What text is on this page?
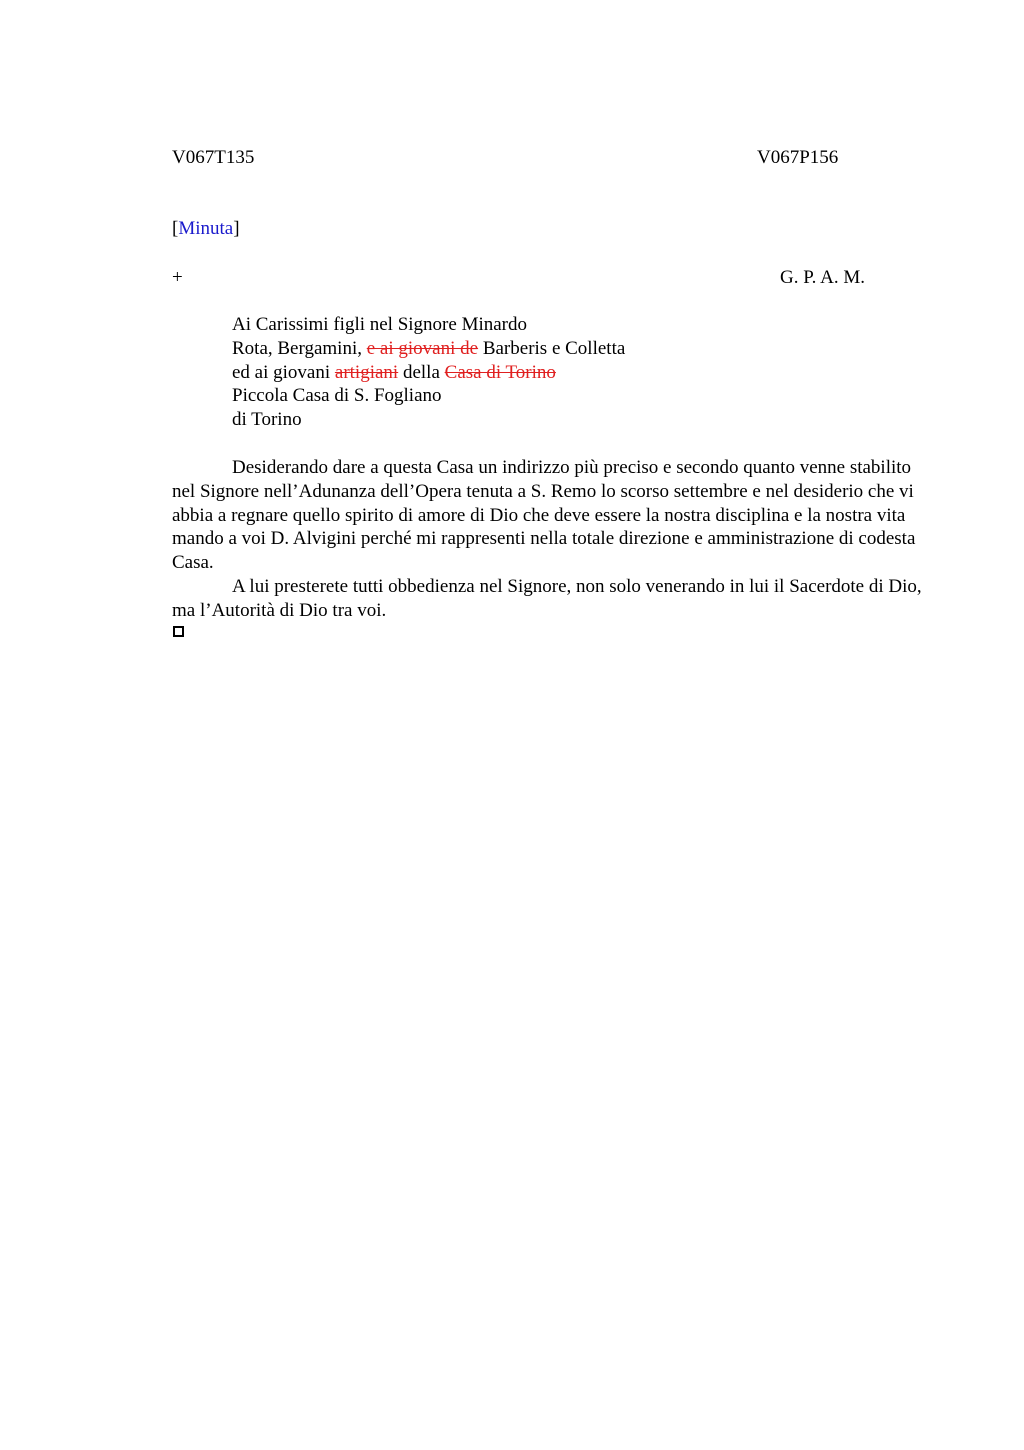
V067T135	V067P156
[Minuta]
+	G. P. A. M.
Ai Carissimi figli nel Signore Minardo
Rota, Bergamini, e ai giovani de Barberis e Colletta
ed ai giovani artigiani della Casa di Torino
Piccola Casa di S. Fogliano
di Torino

Desiderando dare a questa Casa un indirizzo più preciso e secondo quanto venne stabilito nel Signore nell’Adunanza dell’Opera tenuta a S. Remo lo scorso settembre e nel desiderio che vi abbia a regnare quello spirito di amore di Dio che deve essere la nostra disciplina e la nostra vita mando a voi D. Alvigini perché mi rappresenti nella totale direzione e amministrazione di codesta Casa.

A lui presterete tutti obbedienza nel Signore, non solo venerando in lui il Sacerdote di Dio, ma l’Autorità di Dio tra voi.
